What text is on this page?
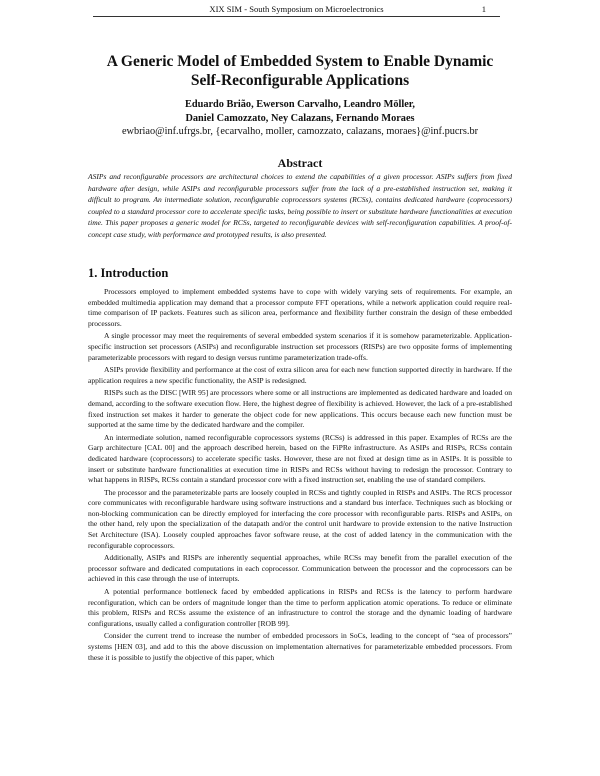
XIX SIM - South Symposium on Microelectronics	1
A Generic Model of Embedded System to Enable Dynamic Self-Reconfigurable Applications
Eduardo Brião, Ewerson Carvalho, Leandro Möller,
Daniel Camozzato, Ney Calazans, Fernando Moraes
ewbriao@inf.ufrgs.br, {ecarvalho, moller, camozzato, calazans, moraes}@inf.pucrs.br
Abstract

ASIPs and reconfigurable processors are architectural choices to extend the capabilities of a given processor. ASIPs suffers from fixed hardware after design, while ASIPs and reconfigurable processors suffer from the lack of a pre-established instruction set, making it difficult to program. An intermediate solution, reconfigurable coprocessors systems (RCSs), contains dedicated hardware (coprocessors) coupled to a standard processor core to accelerate specific tasks, being possible to insert or substitute hardware functionalities at execution time. This paper proposes a generic model for RCSs, targeted to reconfigurable devices with self-reconfiguration capabilities. A proof-of-concept case study, with performance and prototyped results, is also presented.

1. Introduction

Processors employed to implement embedded systems have to cope with widely varying sets of requirements. For example, an embedded multimedia application may demand that a processor compute FFT operations, while a network application could require real-time comparison of IP packets. Features such as silicon area, performance and flexibility further constrain the design of these embedded processors.

A single processor may meet the requirements of several embedded system scenarios if it is somehow parameterizable. Application-specific instruction set processors (ASIPs) and reconfigurable instruction set processors (RISPs) are two opposite forms of implementing parameterizable processors with regard to design versus runtime parameterization trade-offs.

ASIPs provide flexibility and performance at the cost of extra silicon area for each new function supported directly in hardware. If the application requires a new specific functionality, the ASIP is redesigned.

RISPs such as the DISC [WIR 95] are processors where some or all instructions are implemented as dedicated hardware and loaded on demand, according to the software execution flow. Here, the highest degree of flexibility is achieved. However, the lack of a pre-established fixed instruction set makes it harder to generate the object code for new applications. This occurs because each new function must be supported at the same time by the dedicated hardware and the compiler.

An intermediate solution, named reconfigurable coprocessors systems (RCSs) is addressed in this paper. Examples of RCSs are the Garp architecture [CAL 00] and the approach described herein, based on the FiPRe infrastructure. As ASIPs and RISPs, RCSs contain dedicated hardware (coprocessors) to accelerate specific tasks. However, these are not fixed at design time as in ASIPs. It is possible to insert or substitute hardware functionalities at execution time in RISPs and RCSs without having to redesign the processor. Contrary to what happens in RISPs, RCSs contain a standard processor core with a fixed instruction set, enabling the use of standard compilers.

The processor and the parameterizable parts are loosely coupled in RCSs and tightly coupled in RISPs and ASIPs. The RCS processor core communicates with reconfigurable hardware using software instructions and a standard bus interface. Techniques such as blocking or non-blocking communication can be directly employed for interfacing the core processor with reconfigurable parts. RISPs and ASIPs, on the other hand, rely upon the specialization of the datapath and/or the control unit hardware to provide extension to the native Instruction Set Architecture (ISA). Loosely coupled approaches favor software reuse, at the cost of added latency in the communication with the reconfigurable coprocessors.

Additionally, ASIPs and RISPs are inherently sequential approaches, while RCSs may benefit from the parallel execution of the processor software and dedicated computations in each coprocessor. Communication between the processor and the coprocessors can be achieved in this case through the use of interrupts.

A potential performance bottleneck faced by embedded applications in RISPs and RCSs is the latency to perform hardware reconfiguration, which can be orders of magnitude longer than the time to perform application atomic operations. To reduce or eliminate this problem, RISPs and RCSs assume the existence of an infrastructure to control the storage and the dynamic loading of hardware configurations, usually called a configuration controller [ROB 99].

Consider the current trend to increase the number of embedded processors in SoCs, leading to the concept of “sea of processors” systems [HEN 03], and add to this the above discussion on implementation alternatives for parameterizable embedded processors. From these it is possible to justify the objective of this paper, which
